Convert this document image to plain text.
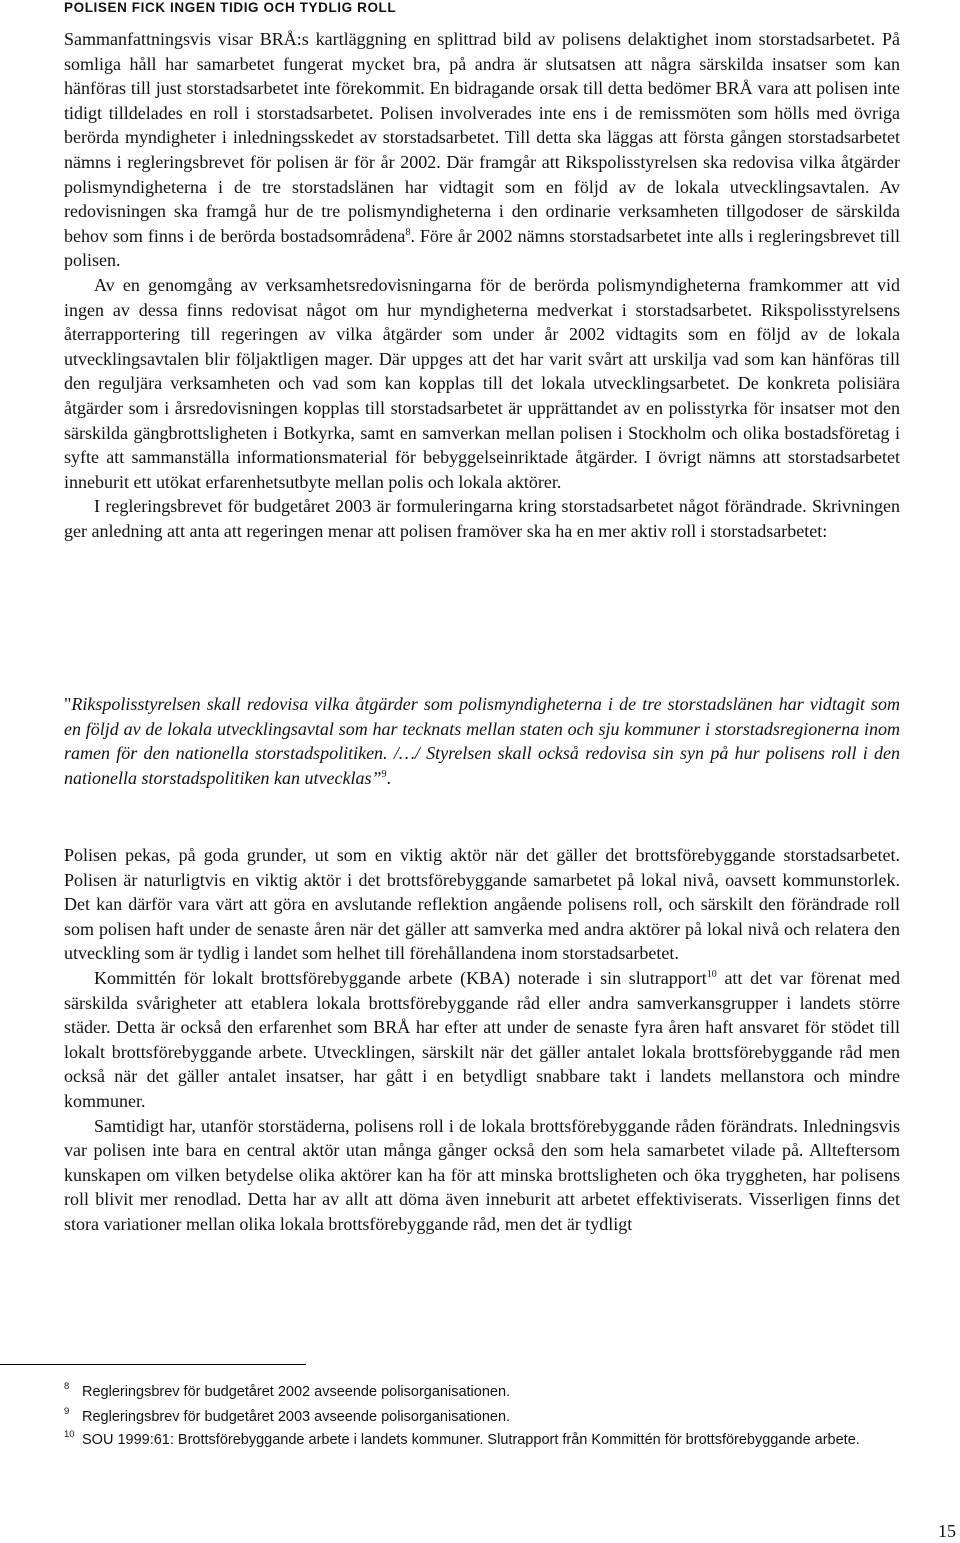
POLISEN FICK INGEN TIDIG OCH TYDLIG ROLL

Sammanfattningsvis visar BRÅ:s kartläggning en splittrad bild av polisens delaktighet inom storstadsarbetet. På somliga håll har samarbetet fungerat mycket bra, på andra är slutsatsen att några särskilda insatser som kan hänföras till just storstadsarbetet inte förekommit. En bidragande orsak till detta bedömer BRÅ vara att polisen inte tidigt tilldelades en roll i storstadsarbetet. Polisen involverades inte ens i de remissmöten som hölls med övriga berörda myndigheter i inledningsskedet av storstadsarbetet. Till detta ska läggas att första gången storstadsarbetet nämns i regleringsbrevet för polisen är för år 2002. Där framgår att Rikspolisstyrelsen ska redovisa vilka åtgärder polismyndigheterna i de tre storstadslänen har vidtagit som en följd av de lokala utvecklingsavtalen. Av redovisningen ska framgå hur de tre polismyndigheterna i den ordinarie verksamheten tillgodoser de särskilda behov som finns i de berörda bostadsområdena$^8$. Före år 2002 nämns storstadsarbetet inte alls i regleringsbrevet till polisen.

Av en genomgång av verksamhetsredovisningarna för de berörda polismyndigheterna framkommer att vid ingen av dessa finns redovisat något om hur myndigheterna medverkat i storstadsarbetet. Rikspolisstyrelsens återrapportering till regeringen av vilka åtgärder som under år 2002 vidtagits som en följd av de lokala utvecklingsavtalen blir följaktligen mager. Där uppges att det har varit svårt att urskilja vad som kan hänföras till den reguljära verksamheten och vad som kan kopplas till det lokala utvecklingsarbetet. De konkreta polisiära åtgärder som i årsredovisningen kopplas till storstadsarbetet är upprättandet av en polisstyrka för insatser mot den särskilda gängbrottsligheten i Botkyrka, samt en samverkan mellan polisen i Stockholm och olika bostadsföretag i syfte att sammanställa informationsmaterial för bebyggelseinriktade åtgärder. I övrigt nämns att storstadsarbetet inneburit ett utökat erfarenhetsutbyte mellan polis och lokala aktörer.

I regleringsbrevet för budgetåret 2003 är formuleringarna kring storstadsarbetet något förändrade. Skrivningen ger anledning att anta att regeringen menar att polisen framöver ska ha en mer aktiv roll i storstadsarbetet:

"Rikspolisstyrelsen skall redovisa vilka åtgärder som polismyndigheterna i de tre storstadslänen har vidtagit som en följd av de lokala utvecklingsavtal som har tecknats mellan staten och sju kommuner i storstadsregionerna inom ramen för den nationella storstadspolitiken. /…/ Styrelsen skall också redovisa sin syn på hur polisens roll i den nationella storstadspolitiken kan utvecklas”$^9$.

Polisen pekas, på goda grunder, ut som en viktig aktör när det gäller det brottsförebyggande storstadsarbetet. Polisen är naturligtvis en viktig aktör i det brottsförebyggande samarbetet på lokal nivå, oavsett kommunstorlek. Det kan därför vara värt att göra en avslutande reflektion angående polisens roll, och särskilt den förändrade roll som polisen haft under de senaste åren när det gäller att samverka med andra aktörer på lokal nivå och relatera den utveckling som är tydlig i landet som helhet till förehållandena inom storstadsarbetet.

Kommittén för lokalt brottsförebyggande arbete (KBA) noterade i sin slutrapport$^{10}$ att det var förenat med särskilda svårigheter att etablera lokala brottsförebyggande råd eller andra samverkansgrupper i landets större städer. Detta är också den erfarenhet som BRÅ har efter att under de senaste fyra åren haft ansvaret för stödet till lokalt brottsförebyggande arbete. Utvecklingen, särskilt när det gäller antalet lokala brottsförebyggande råd men också när det gäller antalet insatser, har gått i en betydligt snabbare takt i landets mellanstora och mindre kommuner.

Samtidigt har, utanför storstäderna, polisens roll i de lokala brottsförebyggande råden förändrats. Inledningsvis var polisen inte bara en central aktör utan många gånger också den som hela samarbetet vilade på. Allteftersom kunskapen om vilken betydelse olika aktörer kan ha för att minska brottsligheten och öka tryggheten, har polisens roll blivit mer renodlad. Detta har av allt att döma även inneburit att arbetet effektiviserats. Visserligen finns det stora variationer mellan olika lokala brottsförebyggande råd, men det är tydligt

8 Regleringsbrev för budgetåret 2002 avseende polisorganisationen.

9 Regleringsbrev för budgetåret 2003 avseende polisorganisationen.

10 SOU 1999:61: Brottsförebyggande arbete i landets kommuner. Slutrapport från Kommittén för brottsförebyggande arbete.

15
